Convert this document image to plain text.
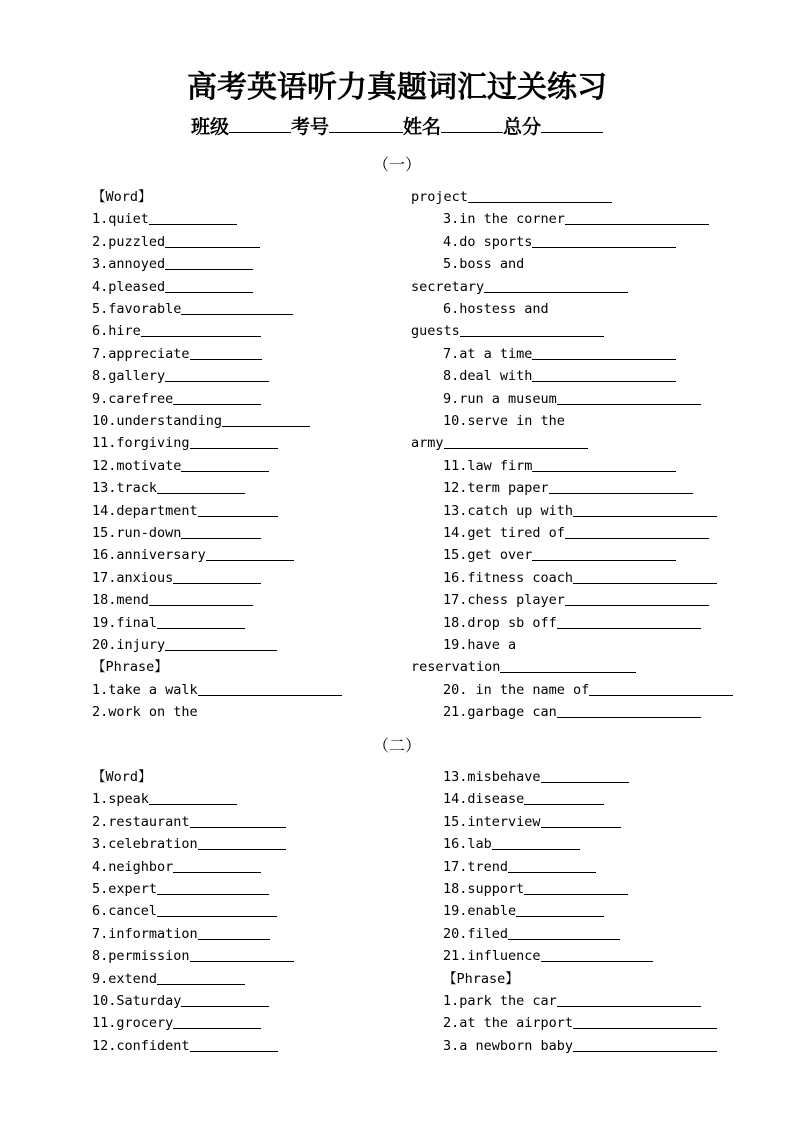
高考英语听力真题词汇过关练习
班级	考号	姓名	总分
（一）
（二）
【Word】
1.quiet
2.puzzled
3.annoyed
4.pleased
5.favorable
6.hire
7.appreciate
8.gallery
9.carefree
10.understanding
11.forgiving
12.motivate
13.track
14.department
15.run-down
16.anniversary
17.anxious
18.mend
19.final
20.injury
【Phrase】
1.take a walk
2.work on the
project
3.in the corner
4.do sports
5.boss and
secretary
6.hostess and
guests
7.at a time
8.deal with
9.run a museum
10.serve in the
army
11.law firm
12.term paper
13.catch up with
14.get tired of
15.get over
16.fitness coach
17.chess player
18.drop sb off
19.have a
reservation
20. in the name of
21.garbage can
【Word】
1.speak
2.restaurant
3.celebration
4.neighbor
5.expert
6.cancel
7.information
8.permission
9.extend
10.Saturday
11.grocery
12.confident
13.misbehave
14.disease
15.interview
16.lab
17.trend
18.support
19.enable
20.filed
21.influence
【Phrase】
1.park the car
2.at the airport
3.a newborn baby
